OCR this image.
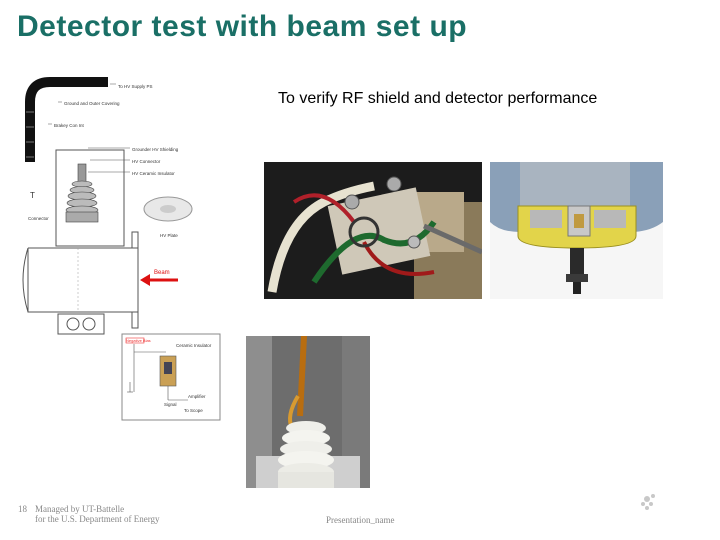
Detector test with beam set up
To verify RF shield and detector performance
To HV Supply PS
Ground and Outer Covering
Brakey Con Int
Grounder HV Shielding
HV Connector
HV Ceramic Insulator
T
Connector
HV Plate
Beam
Negative Bias
Ceramic Insulator
Signal
Amplifier
To Scope
18 Managed by UT-Battelle
for the U.S. Department of Energy	Presentation_name
